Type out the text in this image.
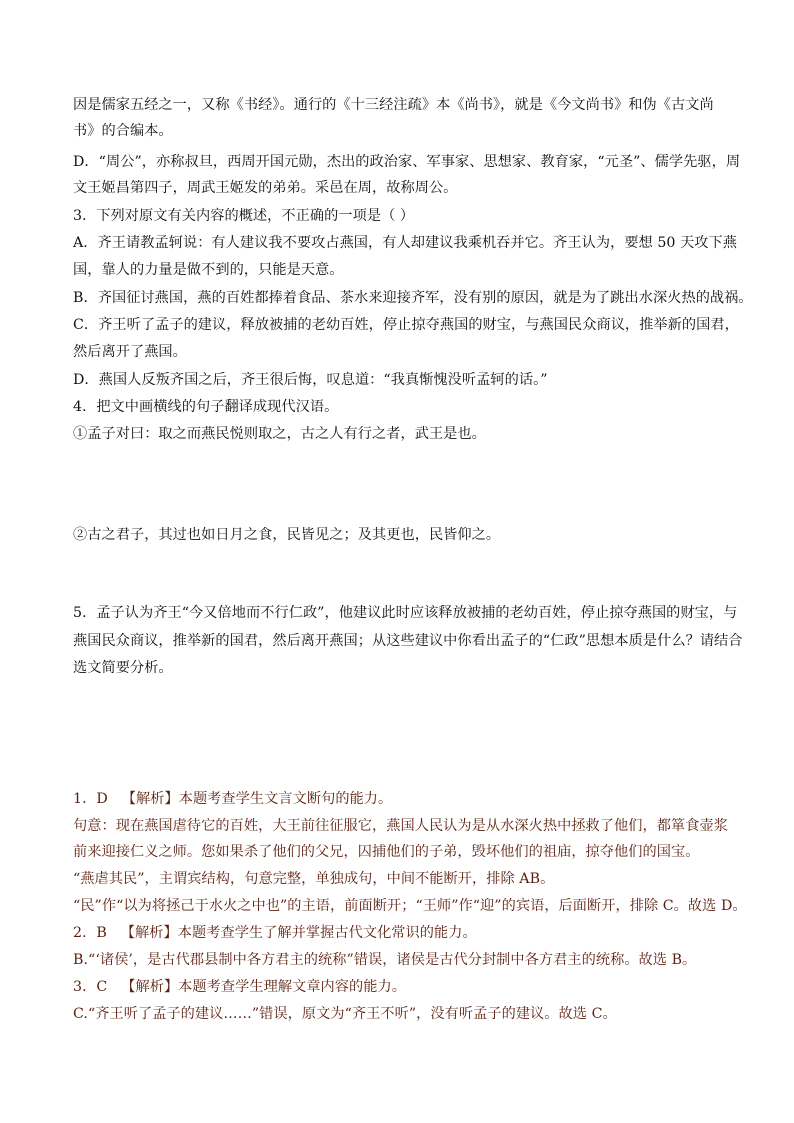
因是儒家五经之一，又称《书经》。通行的《十三经注疏》本《尚书》，就是《今文尚书》和伪《古文尚

书》的合编本。

D．“周公”，亦称叔旦，西周开国元勋，杰出的政治家、军事家、思想家、教育家，“元圣”、儒学先驱，周

文王姬昌第四子，周武王姬发的弟弟。采邑在周，故称周公。

3．下列对原文有关内容的概述，不正确的一项是（ ）

A．齐王请教孟轲说：有人建议我不要攻占燕国，有人却建议我乘机吞并它。齐王认为，要想 50 天攻下燕

国，靠人的力量是做不到的，只能是天意。

B．齐国征讨燕国，燕的百姓都捧着食品、茶水来迎接齐军，没有别的原因，就是为了跳出水深火热的战祸。

C．齐王听了孟子的建议，释放被捕的老幼百姓，停止掠夺燕国的财宝，与燕国民众商议，推举新的国君，

然后离开了燕国。

D．燕国人反叛齐国之后，齐王很后悔，叹息道：“我真惭愧没听孟轲的话。”

4．把文中画横线的句子翻译成现代汉语。

①孟子对曰：取之而燕民悦则取之，古之人有行之者，武王是也。

②古之君子，其过也如日月之食，民皆见之；及其更也，民皆仰之。

5．孟子认为齐王“今又倍地而不行仁政”，他建议此时应该释放被捕的老幼百姓，停止掠夺燕国的财宝，与

燕国民众商议，推举新的国君，然后离开燕国；从这些建议中你看出孟子的“仁政”思想本质是什么？请结合

选文简要分析。

1．D 【解析】本题考查学生文言文断句的能力。

句意：现在燕国虐待它的百姓，大王前往征服它，燕国人民认为是从水深火热中拯救了他们，都箪食壶浆

前来迎接仁义之师。您如果杀了他们的父兄，囚捕他们的子弟，毁坏他们的祖庙，掠夺他们的国宝。

“燕虐其民”，主谓宾结构，句意完整，单独成句，中间不能断开，排除 AB。

“民”作“以为将拯己于水火之中也”的主语，前面断开；“王师”作“迎”的宾语，后面断开，排除 C。故选 D。

2．B 【解析】本题考查学生了解并掌握古代文化常识的能力。

B.“‘诸侯’，是古代郡县制中各方君主的统称”错误，诸侯是古代分封制中各方君主的统称。故选 B。

3．C 【解析】本题考查学生理解文章内容的能力。

C.“齐王听了孟子的建议……”错误，原文为“齐王不听”，没有听孟子的建议。故选 C。
